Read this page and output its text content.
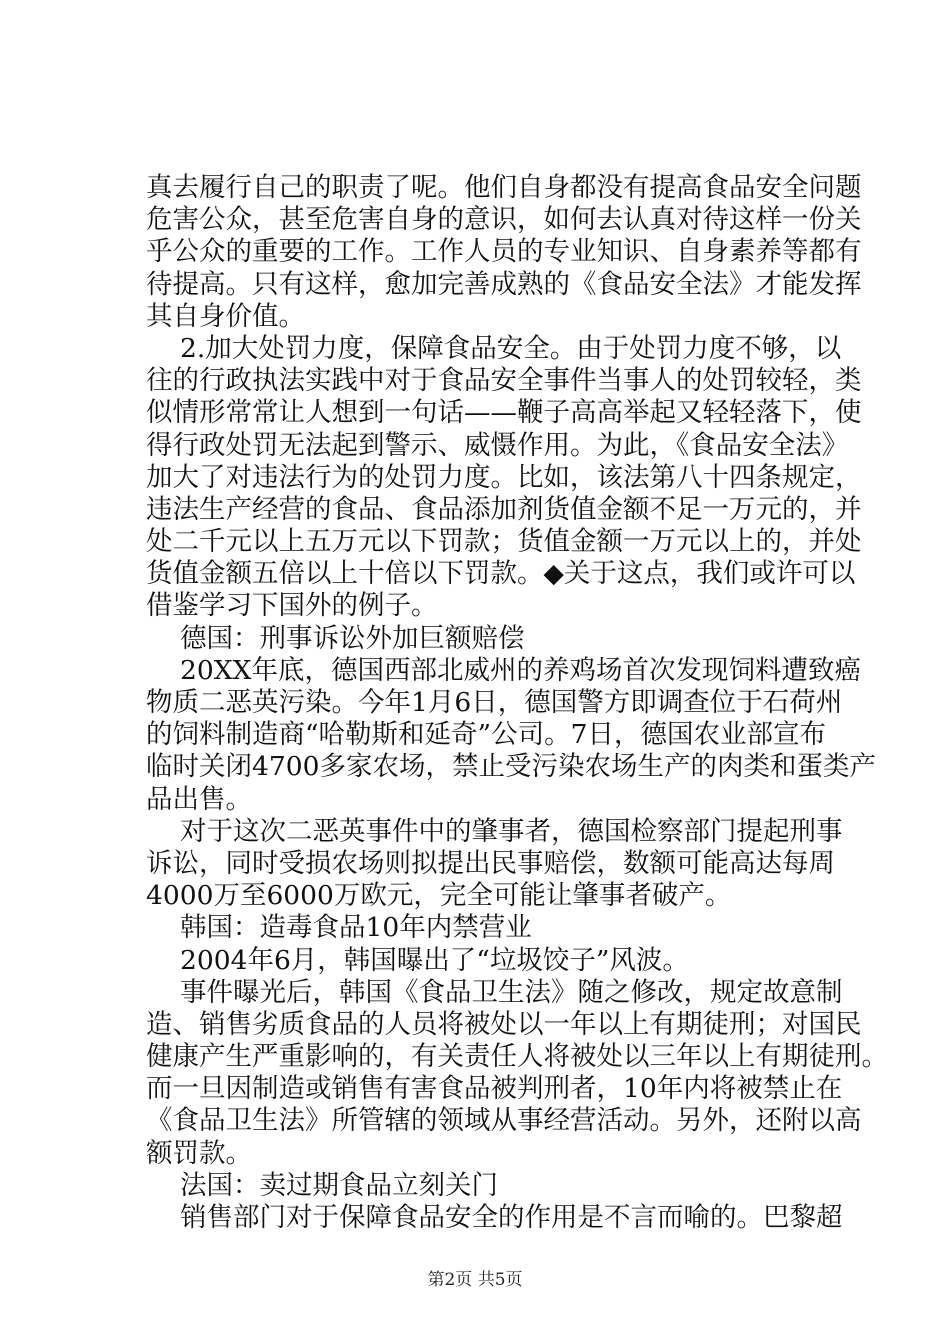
真去履行自己的职责了呢。他们自身都没有提高食品安全问题
危害公众，甚至危害自身的意识，如何去认真对待这样一份关
乎公众的重要的工作。工作人员的专业知识、自身素养等都有
待提高。只有这样，愈加完善成熟的《食品安全法》才能发挥
其自身价值。
2.加大处罚力度，保障食品安全。由于处罚力度不够，以
往的行政执法实践中对于食品安全事件当事人的处罚较轻，类
似情形常常让人想到一句话——鞭子高高举起又轻轻落下，使
得行政处罚无法起到警示、威慑作用。为此，《食品安全法》
加大了对违法行为的处罚力度。比如，该法第八十四条规定，
违法生产经营的食品、食品添加剂货值金额不足一万元的，并
处二千元以上五万元以下罚款；货值金额一万元以上的，并处
货值金额五倍以上十倍以下罚款。◆关于这点，我们或许可以
借鉴学习下国外的例子。
德国：刑事诉讼外加巨额赔偿
20XX年底，德国西部北威州的养鸡场首次发现饲料遭致癌
物质二恶英污染。今年1月6日，德国警方即调查位于石荷州
的饲料制造商“哈勒斯和延奇”公司。7日，德国农业部宣布
临时关闭4700多家农场，禁止受污染农场生产的肉类和蛋类产
品出售。
对于这次二恶英事件中的肇事者，德国检察部门提起刑事
诉讼，同时受损农场则拟提出民事赔偿，数额可能高达每周
4000万至6000万欧元，完全可能让肇事者破产。
韩国：造毒食品10年内禁营业
2004年6月，韩国曝出了“垃圾饺子”风波。
事件曝光后，韩国《食品卫生法》随之修改，规定故意制
造、销售劣质食品的人员将被处以一年以上有期徒刑；对国民
健康产生严重影响的，有关责任人将被处以三年以上有期徒刑。
而一旦因制造或销售有害食品被判刑者，10年内将被禁止在
《食品卫生法》所管辖的领域从事经营活动。另外，还附以高
额罚款。
法国：卖过期食品立刻关门
销售部门对于保障食品安全的作用是不言而喻的。巴黎超
第2页 共5页
